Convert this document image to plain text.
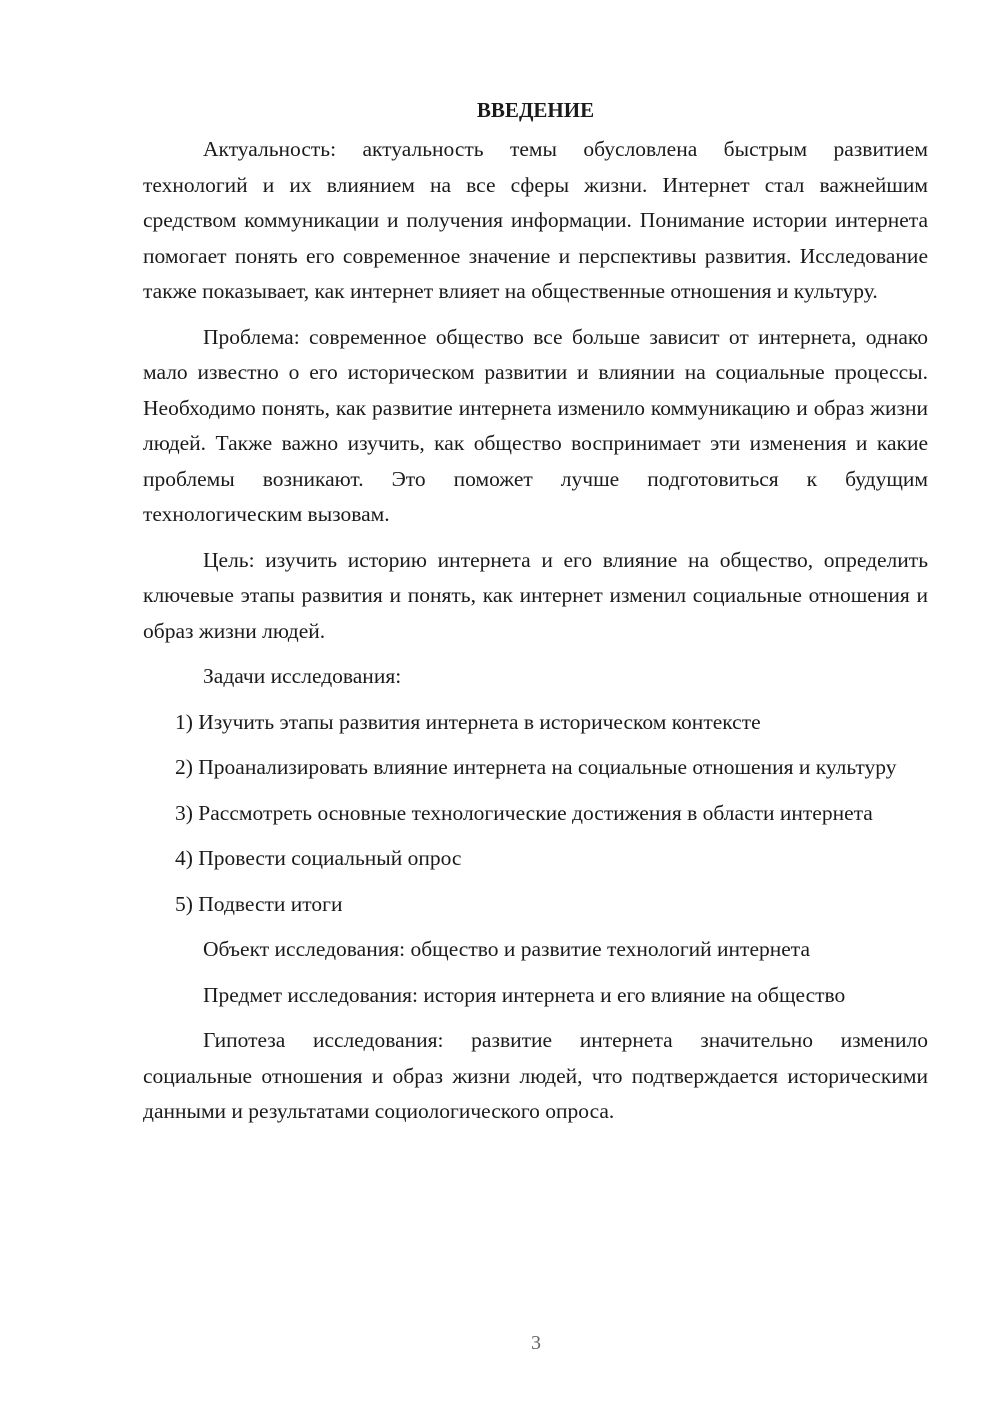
ВВЕДЕНИЕ

Актуальность: актуальность темы обусловлена быстрым развитием технологий и их влиянием на все сферы жизни. Интернет стал важнейшим средством коммуникации и получения информации. Понимание истории интернета помогает понять его современное значение и перспективы развития. Исследование также показывает, как интернет влияет на общественные отношения и культуру.

Проблема: современное общество все больше зависит от интернета, однако мало известно о его историческом развитии и влиянии на социальные процессы. Необходимо понять, как развитие интернета изменило коммуникацию и образ жизни людей. Также важно изучить, как общество воспринимает эти изменения и какие проблемы возникают. Это поможет лучше подготовиться к будущим технологическим вызовам.

Цель: изучить историю интернета и его влияние на общество, определить ключевые этапы развития и понять, как интернет изменил социальные отношения и образ жизни людей.

Задачи исследования:

1) Изучить этапы развития интернета в историческом контексте

2) Проанализировать влияние интернета на социальные отношения и культуру

3) Рассмотреть основные технологические достижения в области интернета

4) Провести социальный опрос

5) Подвести итоги

Объект исследования: общество и развитие технологий интернета

Предмет исследования: история интернета и его влияние на общество

Гипотеза исследования: развитие интернета значительно изменило социальные отношения и образ жизни людей, что подтверждается историческими данными и результатами социологического опроса.

3
